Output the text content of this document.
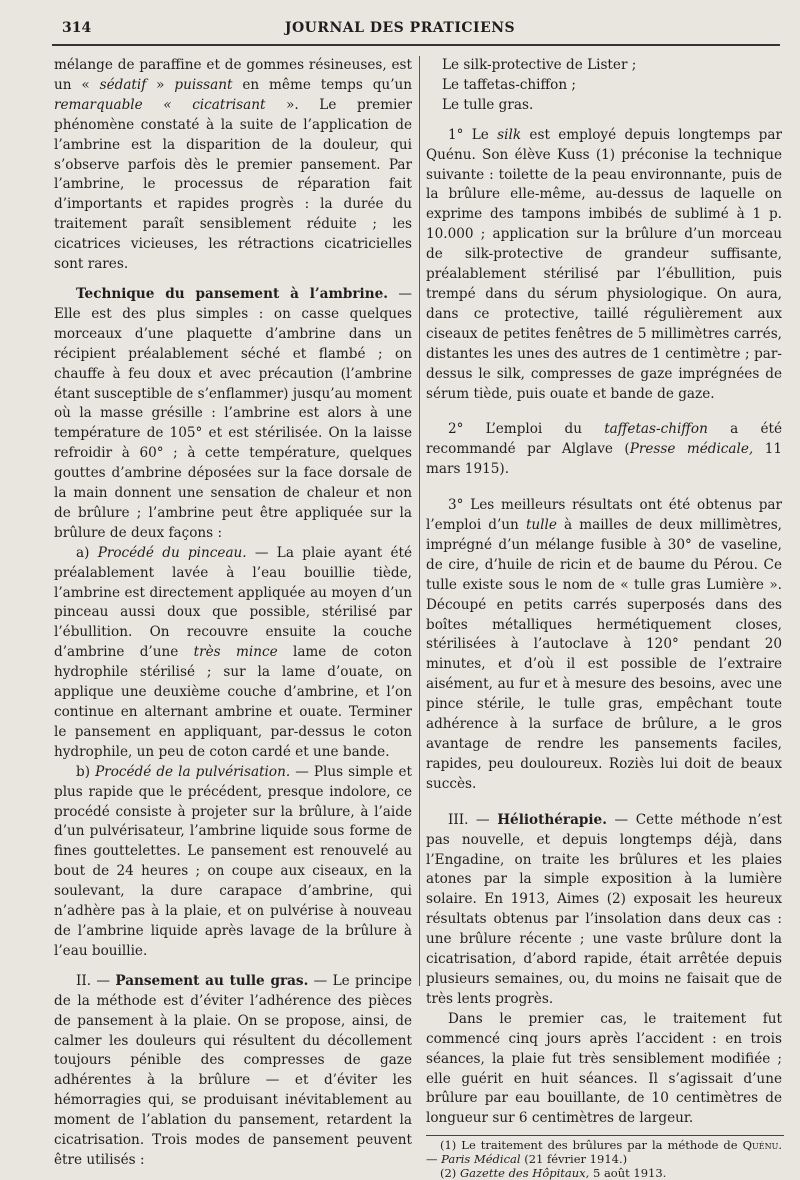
314	JOURNAL DES PRATICIENS

mélange de paraffine et de gommes résineuses, est un « sédatif » puissant en même temps qu’un remarquable « cicatrisant ». Le premier phénomène constaté à la suite de l’application de l’ambrine est la disparition de la douleur, qui s’observe parfois dès le premier pansement. Par l’ambrine, le processus de réparation fait d’importants et rapides progrès : la durée du traitement paraît sensiblement réduite ; les cicatrices vicieuses, les rétractions cicatricielles sont rares.

Technique du pansement à l’ambrine. — Elle est des plus simples : on casse quelques morceaux d’une plaquette d’ambrine dans un récipient préalablement séché et flambé ; on chauffe à feu doux et avec précaution (l’ambrine étant susceptible de s’enflammer) jusqu’au moment où la masse grésille : l’ambrine est alors à une température de 105° et est stérilisée. On la laisse refroidir à 60° ; à cette température, quelques gouttes d’ambrine déposées sur la face dorsale de la main donnent une sensation de chaleur et non de brûlure ; l’ambrine peut être appliquée sur la brûlure de deux façons :

a) Procédé du pinceau. — La plaie ayant été préalablement lavée à l’eau bouillie tiède, l’ambrine est directement appliquée au moyen d’un pinceau aussi doux que possible, stérilisé par l’ébullition. On recouvre ensuite la couche d’ambrine d’une très mince lame de coton hydrophile stérilisé ; sur la lame d’ouate, on applique une deuxième couche d’ambrine, et l’on continue en alternant ambrine et ouate. Terminer le pansement en appliquant, par-dessus le coton hydrophile, un peu de coton cardé et une bande.

b) Procédé de la pulvérisation. — Plus simple et plus rapide que le précédent, presque indolore, ce procédé consiste à projeter sur la brûlure, à l’aide d’un pulvérisateur, l’ambrine liquide sous forme de fines gouttelettes. Le pansement est renouvelé au bout de 24 heures ; on coupe aux ciseaux, en la soulevant, la dure carapace d’ambrine, qui n’adhère pas à la plaie, et on pulvérise à nouveau de l’ambrine liquide après lavage de la brûlure à l’eau bouillie.

II. — Pansement au tulle gras. — Le principe de la méthode est d’éviter l’adhérence des pièces de pansement à la plaie. On se propose, ainsi, de calmer les douleurs qui résultent du décollement toujours pénible des compresses de gaze adhérentes à la brûlure — et d’éviter les hémorragies qui, se produisant inévitablement au moment de l’ablation du pansement, retardent la cicatrisation. Trois modes de pansement peuvent être utilisés :

Le silk-protective de Lister ;

Le taffetas-chiffon ;

Le tulle gras.

1° Le silk est employé depuis longtemps par Quénu. Son élève Kuss (1) préconise la technique suivante : toilette de la peau environnante, puis de la brûlure elle-même, au-dessus de laquelle on exprime des tampons imbibés de sublimé à 1 p. 10.000 ; application sur la brûlure d’un morceau de silk-protective de grandeur suffisante, préalablement stérilisé par l’ébullition, puis trempé dans du sérum physiologique. On aura, dans ce protective, taillé régulièrement aux ciseaux de petites fenêtres de 5 millimètres carrés, distantes les unes des autres de 1 centimètre ; par-dessus le silk, compresses de gaze imprégnées de sérum tiède, puis ouate et bande de gaze.

2° L’emploi du taffetas-chiffon a été recommandé par Alglave (Presse médicale, 11 mars 1915).

3° Les meilleurs résultats ont été obtenus par l’emploi d’un tulle à mailles de deux millimètres, imprégné d’un mélange fusible à 30° de vaseline, de cire, d’huile de ricin et de baume du Pérou. Ce tulle existe sous le nom de « tulle gras Lumière ». Découpé en petits carrés superposés dans des boîtes métalliques hermétiquement closes, stérilisées à l’autoclave à 120° pendant 20 minutes, et d’où il est possible de l’extraire aisément, au fur et à mesure des besoins, avec une pince stérile, le tulle gras, empêchant toute adhérence à la surface de brûlure, a le gros avantage de rendre les pansements faciles, rapides, peu douloureux. Roziès lui doit de beaux succès.

III. — Héliothérapie. — Cette méthode n’est pas nouvelle, et depuis longtemps déjà, dans l’Engadine, on traite les brûlures et les plaies atones par la simple exposition à la lumière solaire. En 1913, Aimes (2) exposait les heureux résultats obtenus par l’insolation dans deux cas : une brûlure récente ; une vaste brûlure dont la cicatrisation, d’abord rapide, était arrêtée depuis plusieurs semaines, ou, du moins ne faisait que de très lents progrès.

Dans le premier cas, le traitement fut commencé cinq jours après l’accident : en trois séances, la plaie fut très sensiblement modifiée ; elle guérit en huit séances. Il s’agissait d’une brûlure par eau bouillante, de 10 centimètres de longueur sur 6 centimètres de largeur.

(1) Le traitement des brûlures par la méthode de Quénu. — Paris Médical (21 février 1914.)

(2) Gazette des Hôpitaux, 5 août 1913.
